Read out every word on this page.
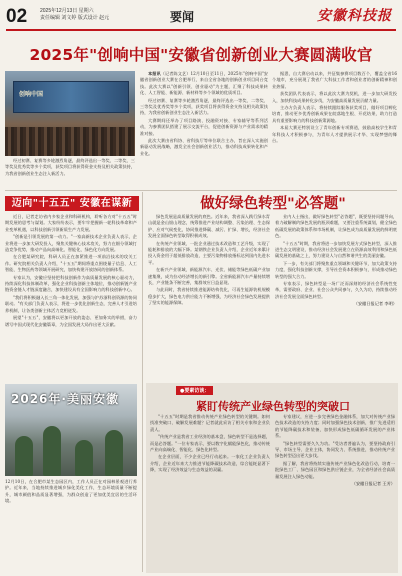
02	2025年12月13日 星期六
责任编辑 刘文婷 版式设计 赵元	要闻	安徽科技报
2025年"创响中国"安徽省创新创业大赛圆满收官
创响中国

本报讯（记者陈文艺）12月10日至11日，2025年"创响中国"安徽省创新创业大赛在合肥举行，来自全省各地的创新创业项目同台竞技。此次大赛以"创新引领、创业驱动"为主题，汇聚了科技成果转化、人工智能、新能源、新材料等多个领域的优质项目。

经过初赛、复赛等多轮激烈角逐，最终评选出一等奖、二等奖、三等奖及优秀奖等多个奖项，获奖项目将获得资金支持及相关政策扶持，为我省创新创业生态注入新活力。

大赛期间还举办了项目路演、投融资对接、专家辅导等系列活动，为参赛团队搭建了展示交流平台，促进创新资源与产业需求的精准对接。

此次大赛由省科协、省科技厅等单位联合主办，旨在深入实施创新驱动发展战略，激发全社会创新创业活力，推动科技成果转化和产业化。

据悉，自大赛启动以来，共征集参赛项目数百个，覆盖全省16个地市，充分展现了我省广大科技工作者和创业者的创新精神和创业热情。

获奖团队代表表示，将以此次大赛为契机，进一步加大研发投入，加快科技成果转化步伐，为安徽高质量发展贡献力量。

主办方负责人表示，将持续跟踪服务获奖项目，做好项目孵化培育，推动更多优秀创新成果在皖落地生根、开花结果，助力打造具有重要影响力的科技创新策源地。

本届大赛还特别设立了青年创新专项赛道，鼓励高校学生和青年科技人才积极参与，为青年人才提供展示才华、实现梦想的舞台。

经过初赛、复赛等多轮激烈角逐，最终评选出一等奖、二等奖、三等奖及优秀奖等多个奖项，获奖项目将获得资金支持及相关政策扶持，为我省创新创业生态注入新活力。

迈向"十五五" 安徽在谋新

近日，记者走访省内多家企业和科研机构，聆听各方对"十五五"时期发展的思考与谋划。大家纷纷表示，要牢牢把握新一轮科技革命和产业变革机遇，以科技创新引领新质生产力发展。

"创新是引领发展的第一动力。"一家高新技术企业负责人表示，企业将进一步加大研发投入，聚焦关键核心技术攻关，努力在细分领域打造竞争优势，推动产品向高端化、智能化、绿色化方向发展。

在合肥某研究院，科研人员正在加紧推进一项前沿技术的攻关工作。研究院相关负责人介绍，"十五五"期间将重点围绕量子信息、人工智能、生物医药等领域开展研究，加快构建开放协同的创新体系。

专家认为，安徽应坚持把科技创新作为高质量发展的核心驱动力，持续深化科技体制改革，强化企业科技创新主体地位，推动创新链产业链资金链人才链深度融合，加快建设具有全国影响力的科技创新中心。

"我们将积极融入长三角一体化发展，加强与沪苏浙科创资源的协同联动。"有关部门负责人表示，将进一步优化创新生态，完善人才引进培养机制，让各类创新主体活力竞相迸发。

展望"十五五"，安徽将以更加开放的姿态、更加务实的举措，奋力谱写中国式现代化安徽篇章，为全国发展大局作出更大贡献。

做好绿色转型"必答题"

绿色发展是高质量发展的底色。近年来，我省深入践行绿水青山就是金山银山理念，统筹推进产业结构调整、污染治理、生态保护、应对气候变化，协同推进降碳、减污、扩绿、增长，经济社会发展全面绿色转型取得积极成效。

在传统产业领域，一批企业通过技术改造和工艺升级，实现了能耗和排放的大幅下降。某钢铁企业负责人介绍，企业近年来累计投入资金用于超低排放改造，主要污染物排放指标达到国内先进水平。

在新兴产业领域，新能源汽车、光伏、储能等绿色低碳产业加速集聚，成为拉动经济增长的新引擎。全省新能源汽车产量持续增长，产业链条不断完善，集群效应日益显现。

与此同时，我省持续推进能源结构优化，可再生能源装机规模稳步扩大，绿色电力供应能力不断增强，为经济社会绿色发展提供了坚实的能源保障。

业内人士指出，做好绿色转型"必答题"，既要坚持问题导向，着力破解制约绿色发展的瓶颈难题，又要注重系统谋划，健全绿色低碳发展的政策体系和市场机制，让绿色成为高质量发展的鲜明底色。

"十五五"时期，我省将进一步加快发展方式绿色转型，深入推进生态文明建设，推动经济社会发展建立在资源高效利用和绿色低碳发展的基础之上，努力建设人与自然和谐共生的美丽安徽。

下一步，有关部门将聚焦重点领域和关键环节，加大政策支持力度，强化科技创新支撑，引导社会资本积极参与，形成推动绿色转型的强大合力。

专家表示，绿色转型是一场广泛而深刻的经济社会系统性变革，需要政府、企业、社会公众共同参与，久久为功，持续推动经济社会发展全面绿色转型。

（安徽日报记者 李明）
2026年·美丽安徽
12月10日，在合肥市某生态园区内，工作人员正在对园林景观进行养护。近年来，当地持续推进城乡绿化美化工作，生态环境质量不断提升，城市颜值和品质显著增强，为群众创造了更加优美宜居的生活环境。
●要素访谈：
紧盯传统产业绿色转型的突破口

"十五五"时期是我省推动传统产业绿色转型的关键期。如何找准突破口、破解发展难题？记者就此采访了相关专家和企业负责人。

"传统产业是我省工业经济的基本盘，绿色转型不是选择题，而是必答题。"一位专家表示，要以数字化赋能绿色化，推动传统产业向高端化、智能化、绿色化转型。

在企业层面，不少企业已经行动起来。一家化工企业负责人介绍，企业近年来大力推进节能降碳技术改造，综合能耗显著下降，实现了经济效益与生态效益的双赢。

专家建议，应进一步完善绿色金融体系，加大对传统产业绿色技术改造的支持力度；同时加强绿色技术创新，推广先进适用的节能降碳技术和装备，加快形成绿色低碳循环发展的产业体系。

"绿色转型需要久久为功。"受访者普遍认为，要坚持政府引导、市场主导、企业主体，协同发力、系统推进，推动传统产业绿色转型迈出更大步伐。

据了解，我省将持续实施传统产业绿色化改造行动，培育一批绿色工厂、绿色园区和绿色供应链企业，为全省经济社会高质量发展注入绿色动能。

（安徽日报记者 王芳）
